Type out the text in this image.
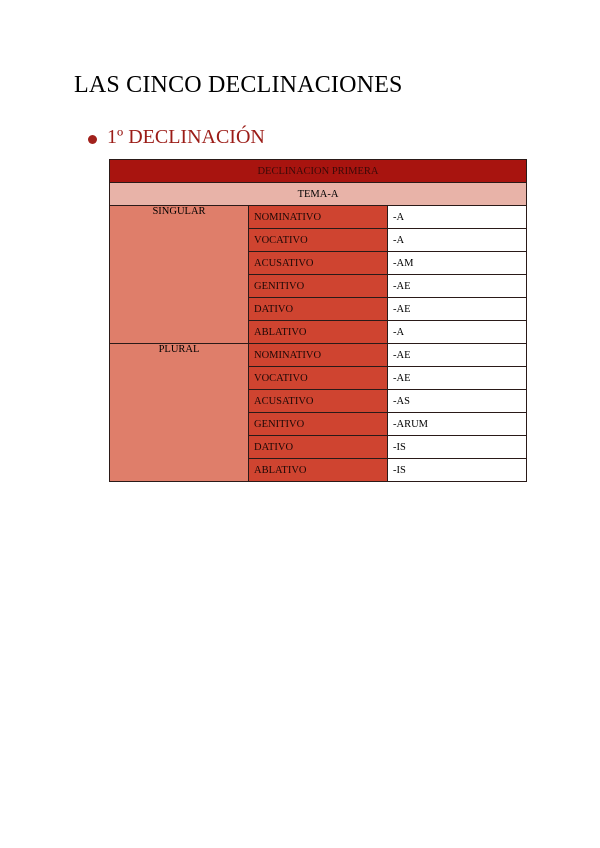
LAS CINCO DECLINACIONES
1º DECLINACIÓN
DECLINACION PRIMERA		
TEMA-A		
SINGULAR	NOMINATIVO	-A
	VOCATIVO	-A
	ACUSATIVO	-AM
	GENITIVO	-AE
	DATIVO	-AE
	ABLATIVO	-A
PLURAL	NOMINATIVO	-AE
	VOCATIVO	-AE
	ACUSATIVO	-AS
	GENITIVO	-ARUM
	DATIVO	-IS
	ABLATIVO	-IS
